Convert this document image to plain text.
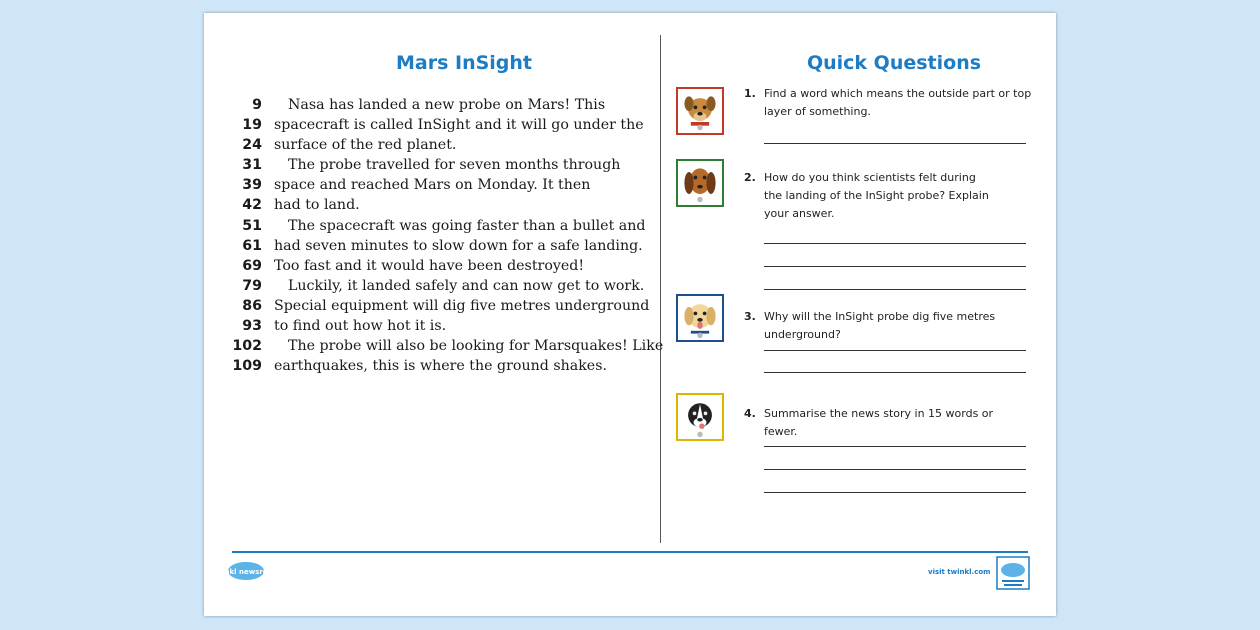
Mars InSight
9 Nasa has landed a new probe on Mars! This
19 spacecraft is called InSight and it will go under the
24 surface of the red planet.
31 The probe travelled for seven months through
39 space and reached Mars on Monday. It then
42 had to land.
51 The spacecraft was going faster than a bullet and
61 had seven minutes to slow down for a safe landing.
69 Too fast and it would have been destroyed!
79 Luckily, it landed safely and can now get to work.
86 Special equipment will dig five metres underground
93 to find out how hot it is.
102 The probe will also be looking for Marsquakes! Like
109 earthquakes, this is where the ground shakes.
Quick Questions
1. Find a word which means the outside part or top layer of something.
2. How do you think scientists felt during the landing of the InSight probe? Explain your answer.
3. Why will the InSight probe dig five metres underground?
4. Summarise the news story in 15 words or fewer.
twinkl newsroom	visit twinkl.com
